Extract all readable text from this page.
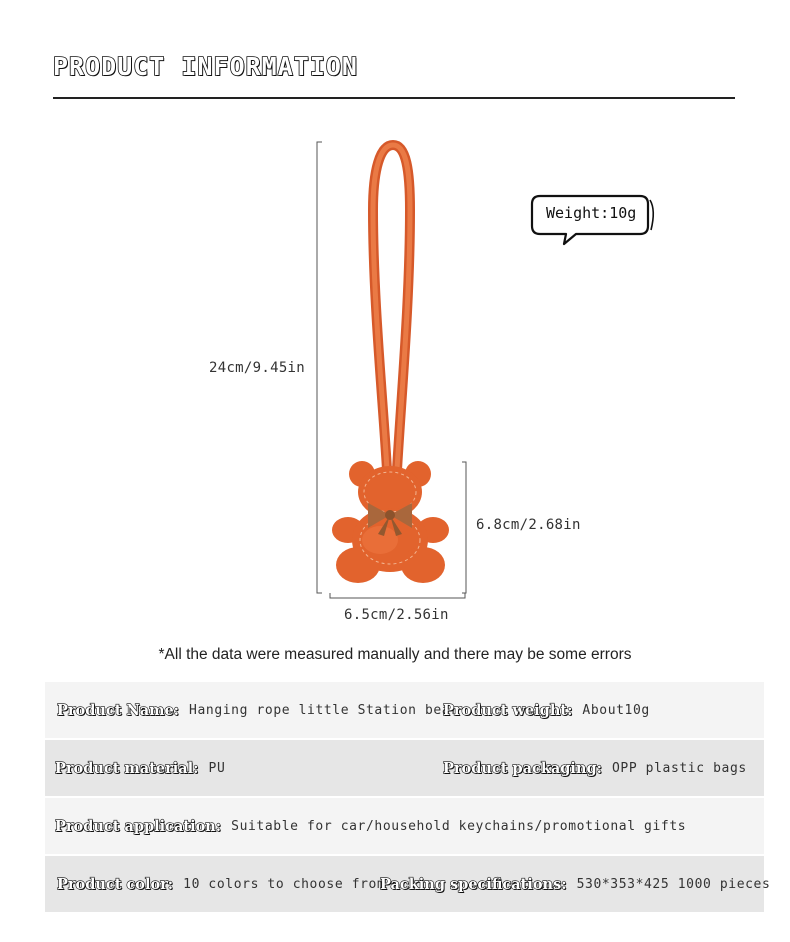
PRODUCT INFORMATION
24cm/9.45in
6.8cm/2.68in
6.5cm/2.56in
Weight:10g
*All the data were measured manually and there may be some errors
Product Name: Hanging rope little Station bear
Product weight: About10g
Product material: PU	Product packaging: OPP plastic bags
Product application: Suitable for car/household keychains/promotional gifts
Product color: 10 colors to choose from
Packing specifications: 530*353*425 1000 pieces
